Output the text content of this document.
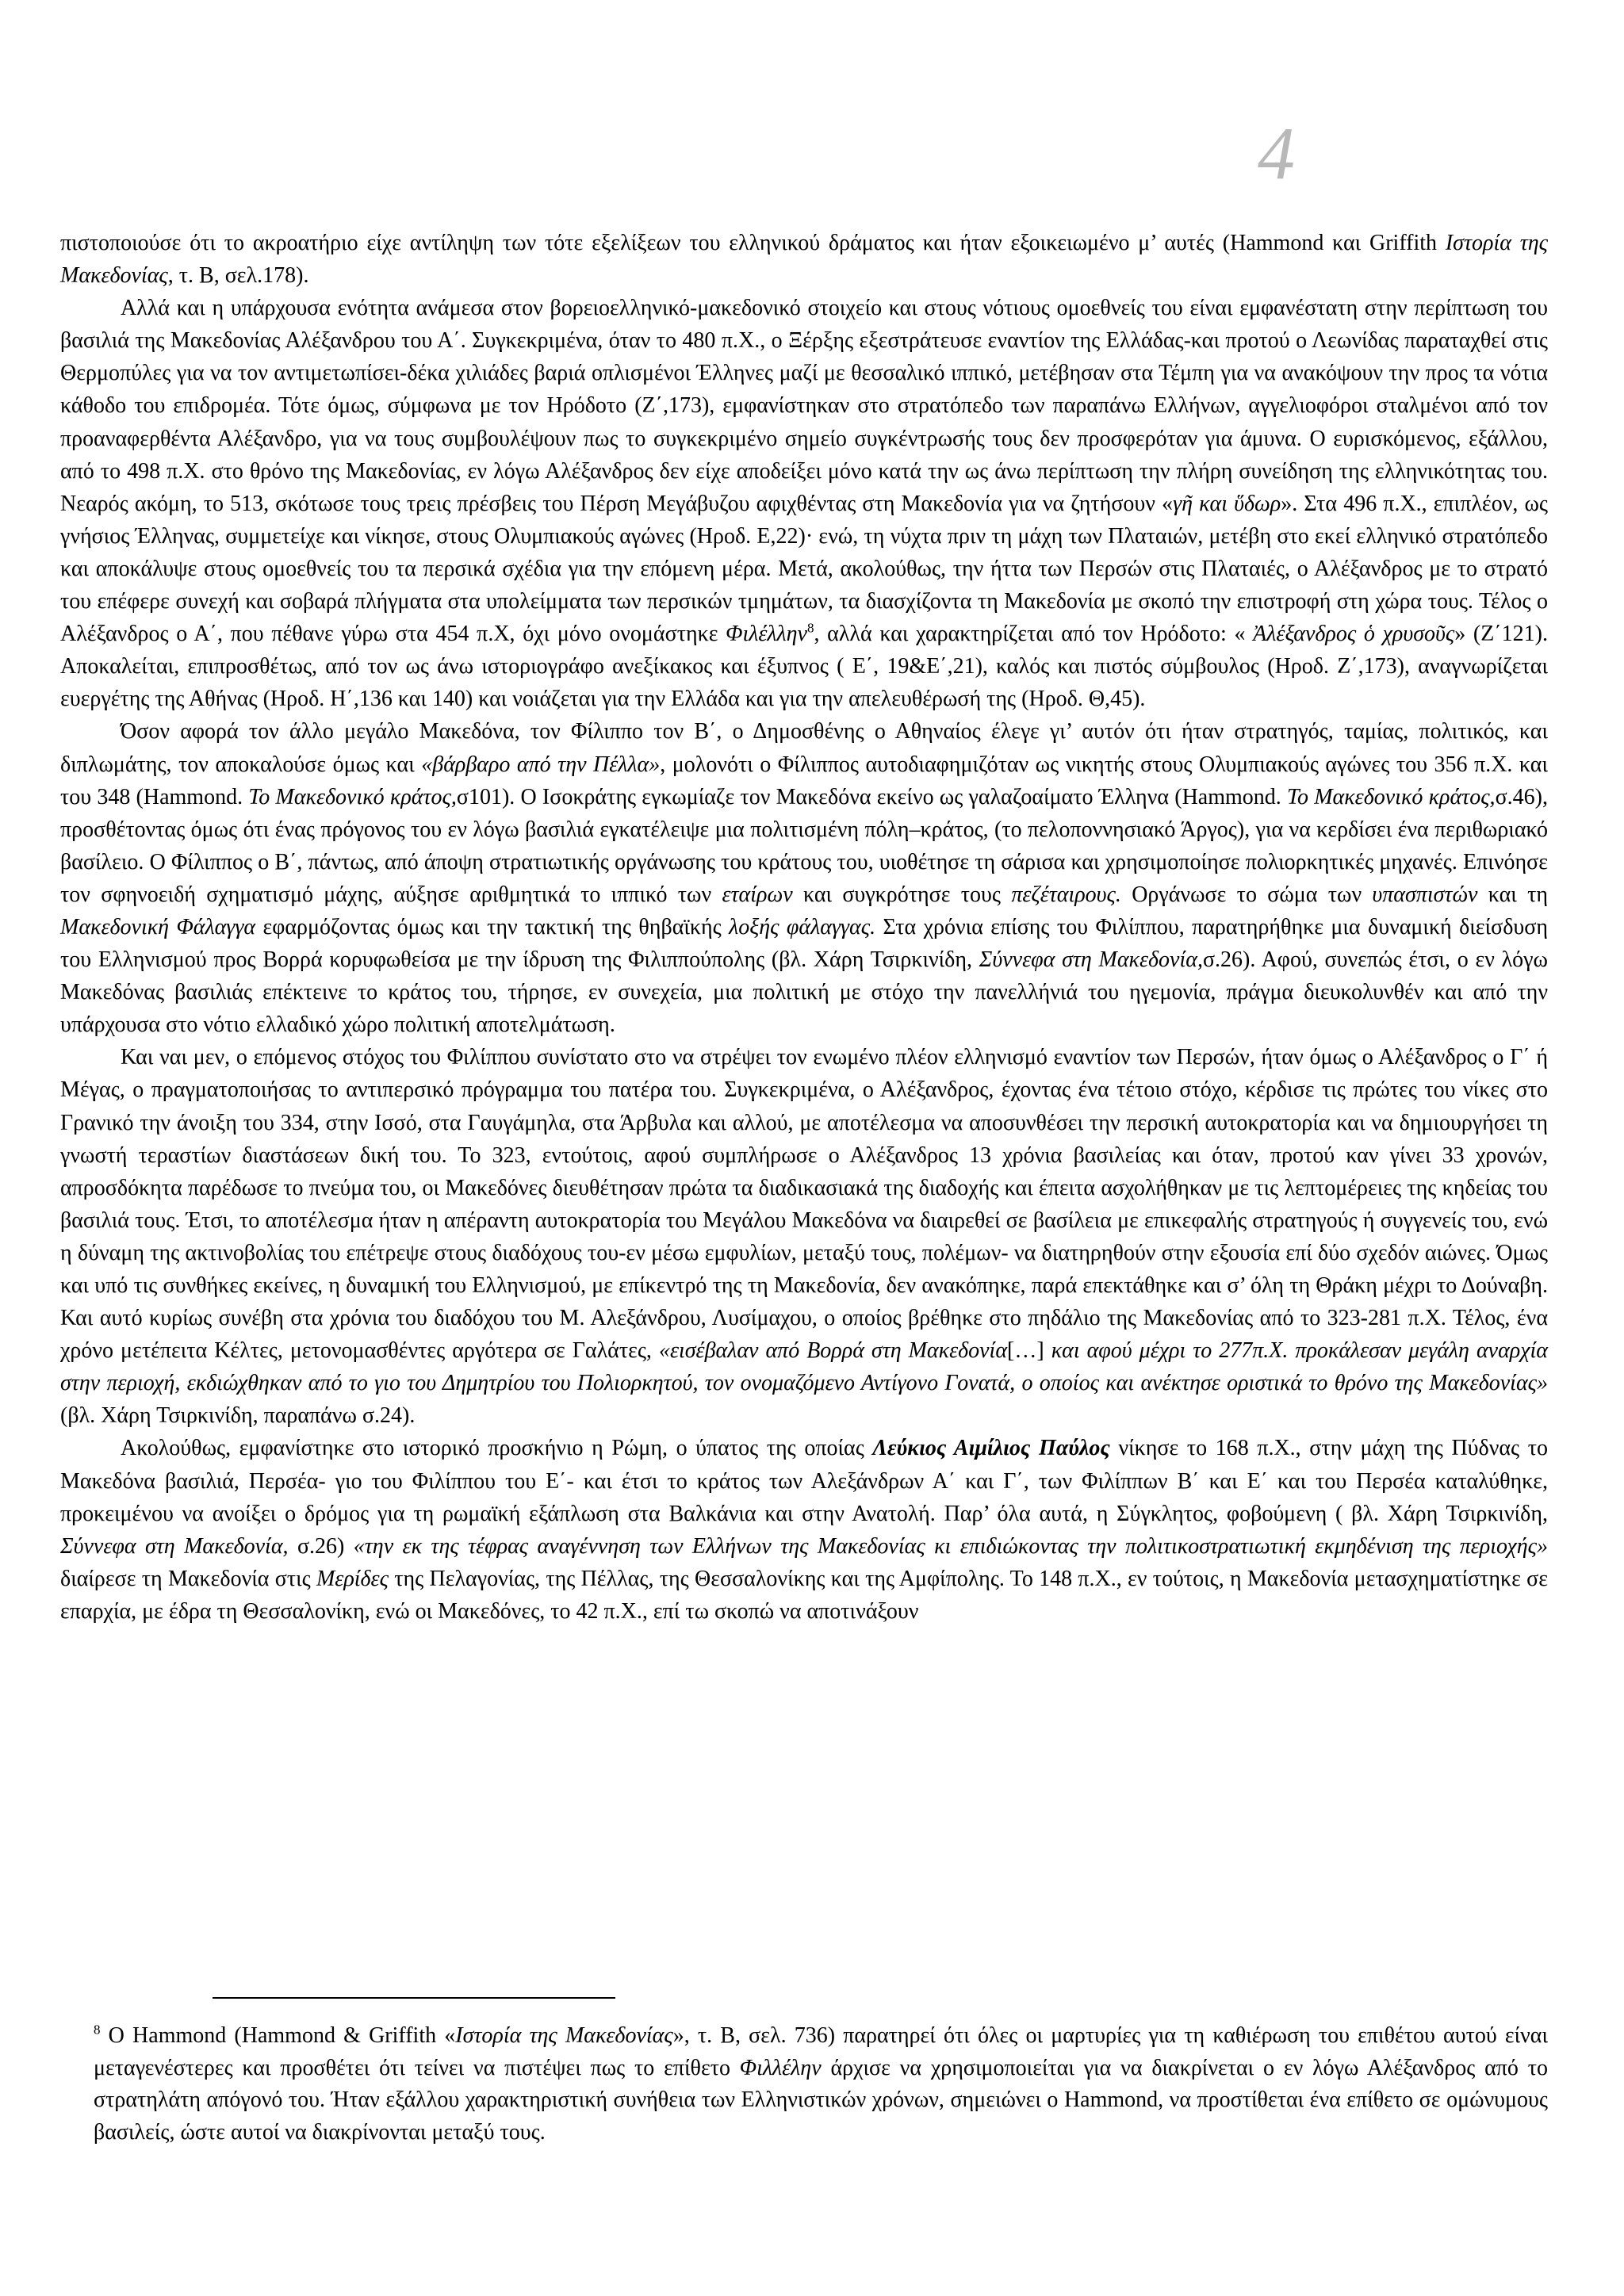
4

πιστοποιούσε ότι το ακροατήριο είχε αντίληψη των τότε εξελίξεων του ελληνικού δράματος και ήταν εξοικειωμένο μ’ αυτές (Hammond και Griffith Ιστορία της Μακεδονίας, τ. Β, σελ.178).

Αλλά και η υπάρχουσα ενότητα ανάμεσα στον βορειοελληνικό-μακεδονικό στοιχείο και στους νότιους ομοεθνείς του είναι εμφανέστατη στην περίπτωση του βασιλιά της Μακεδονίας Αλέξανδρου του Α΄. Συγκεκριμένα, όταν το 480 π.Χ., ο Ξέρξης εξεστράτευσε εναντίον της Ελλάδας-και προτού ο Λεωνίδας παραταχθεί στις Θερμοπύλες για να τον αντιμετωπίσει-δέκα χιλιάδες βαριά οπλισμένοι Έλληνες μαζί με θεσσαλικό ιππικό, μετέβησαν στα Τέμπη για να ανακόψουν την προς τα νότια κάθοδο του επιδρομέα. Τότε όμως, σύμφωνα με τον Ηρόδοτο (Ζ΄,173), εμφανίστηκαν στο στρατόπεδο των παραπάνω Ελλήνων, αγγελιοφόροι σταλμένοι από τον προαναφερθέντα Αλέξανδρο, για να τους συμβουλέψουν πως το συγκεκριμένο σημείο συγκέντρωσής τους δεν προσφερόταν για άμυνα. Ο ευρισκόμενος, εξάλλου, από το 498 π.Χ. στο θρόνο της Μακεδονίας, εν λόγω Αλέξανδρος δεν είχε αποδείξει μόνο κατά την ως άνω περίπτωση την πλήρη συνείδηση της ελληνικότητας του. Νεαρός ακόμη, το 513, σκότωσε τους τρεις πρέσβεις του Πέρση Μεγάβυζου αφιχθέντας στη Μακεδονία για να ζητήσουν «γῆ και ὕδωρ». Στα 496 π.Χ., επιπλέον, ως γνήσιος Έλληνας, συμμετείχε και νίκησε, στους Ολυμπιακούς αγώνες (Ηροδ. Ε,22)· ενώ, τη νύχτα πριν τη μάχη των Πλαταιών, μετέβη στο εκεί ελληνικό στρατόπεδο και αποκάλυψε στους ομοεθνείς του τα περσικά σχέδια για την επόμενη μέρα. Μετά, ακολούθως, την ήττα των Περσών στις Πλαταιές, ο Αλέξανδρος με το στρατό του επέφερε συνεχή και σοβαρά πλήγματα στα υπολείμματα των περσικών τμημάτων, τα διασχίζοντα τη Μακεδονία με σκοπό την επιστροφή στη χώρα τους. Τέλος ο Αλέξανδρος ο Α΄, που πέθανε γύρω στα 454 π.Χ, όχι μόνο ονομάστηκε Φιλέλλην$^8$, αλλά και χαρακτηρίζεται από τον Ηρόδοτο: « Ἀλέξανδρος ὁ χρυσοῦς» (Ζ΄121). Αποκαλείται, επιπροσθέτως, από τον ως άνω ιστοριογράφο ανεξίκακος και έξυπνος ( Ε΄, 19&Ε΄,21), καλός και πιστός σύμβουλος (Ηροδ. Ζ΄,173), αναγνωρίζεται ευεργέτης της Αθήνας (Ηροδ. Η΄,136 και 140) και νοιάζεται για την Ελλάδα και για την απελευθέρωσή της (Ηροδ. Θ,45).

Όσον αφορά τον άλλο μεγάλο Μακεδόνα, τον Φίλιππο τον Β΄, ο Δημοσθένης ο Αθηναίος έλεγε γι’ αυτόν ότι ήταν στρατηγός, ταμίας, πολιτικός, και διπλωμάτης, τον αποκαλούσε όμως και «βάρβαρο από την Πέλλα», μολονότι ο Φίλιππος αυτοδιαφημιζόταν ως νικητής στους Ολυμπιακούς αγώνες του 356 π.Χ. και του 348 (Hammond. Το Μακεδονικό κράτος,σ101). Ο Ισοκράτης εγκωμίαζε τον Μακεδόνα εκείνο ως γαλαζοαίματο Έλληνα (Hammond. Το Μακεδονικό κράτος,σ.46), προσθέτοντας όμως ότι ένας πρόγονος του εν λόγω βασιλιά εγκατέλειψε μια πολιτισμένη πόλη–κράτος, (το πελοποννησιακό Άργος), για να κερδίσει ένα περιθωριακό βασίλειο. Ο Φίλιππος ο Β΄, πάντως, από άποψη στρατιωτικής οργάνωσης του κράτους του, υιοθέτησε τη σάρισα και χρησιμοποίησε πολιορκητικές μηχανές. Επινόησε τον σφηνοειδή σχηματισμό μάχης, αύξησε αριθμητικά το ιππικό των εταίρων και συγκρότησε τους πεζέταιρους. Οργάνωσε το σώμα των υπασπιστών και τη Μακεδονική Φάλαγγα εφαρμόζοντας όμως και την τακτική της θηβαϊκής λοξής φάλαγγας. Στα χρόνια επίσης του Φιλίππου, παρατηρήθηκε μια δυναμική διείσδυση του Ελληνισμού προς Βορρά κορυφωθείσα με την ίδρυση της Φιλιππούπολης (βλ. Χάρη Τσιρκινίδη, Σύννεφα στη Μακεδονία,σ.26). Αφού, συνεπώς έτσι, ο εν λόγω Μακεδόνας βασιλιάς επέκτεινε το κράτος του, τήρησε, εν συνεχεία, μια πολιτική με στόχο την πανελλήνιά του ηγεμονία, πράγμα διευκολυνθέν και από την υπάρχουσα στο νότιο ελλαδικό χώρο πολιτική αποτελμάτωση.

Και ναι μεν, ο επόμενος στόχος του Φιλίππου συνίστατο στο να στρέψει τον ενωμένο πλέον ελληνισμό εναντίον των Περσών, ήταν όμως ο Αλέξανδρος ο Γ΄ ή Μέγας, ο πραγματοποιήσας το αντιπερσικό πρόγραμμα του πατέρα του. Συγκεκριμένα, ο Αλέξανδρος, έχοντας ένα τέτοιο στόχο, κέρδισε τις πρώτες του νίκες στο Γρανικό την άνοιξη του 334, στην Ισσό, στα Γαυγάμηλα, στα Άρβυλα και αλλού, με αποτέλεσμα να αποσυνθέσει την περσική αυτοκρατορία και να δημιουργήσει τη γνωστή τεραστίων διαστάσεων δική του. Το 323, εντούτοις, αφού συμπλήρωσε ο Αλέξανδρος 13 χρόνια βασιλείας και όταν, προτού καν γίνει 33 χρονών, απροσδόκητα παρέδωσε το πνεύμα του, οι Μακεδόνες διευθέτησαν πρώτα τα διαδικασιακά της διαδοχής και έπειτα ασχολήθηκαν με τις λεπτομέρειες της κηδείας του βασιλιά τους. Έτσι, το αποτέλεσμα ήταν η απέραντη αυτοκρατορία του Μεγάλου Μακεδόνα να διαιρεθεί σε βασίλεια με επικεφαλής στρατηγούς ή συγγενείς του, ενώ η δύναμη της ακτινοβολίας του επέτρεψε στους διαδόχους του-εν μέσω εμφυλίων, μεταξύ τους, πολέμων- να διατηρηθούν στην εξουσία επί δύο σχεδόν αιώνες. Όμως και υπό τις συνθήκες εκείνες, η δυναμική του Ελληνισμού, με επίκεντρό της τη Μακεδονία, δεν ανακόπηκε, παρά επεκτάθηκε και σ’ όλη τη Θράκη μέχρι το Δούναβη. Και αυτό κυρίως συνέβη στα χρόνια του διαδόχου του Μ. Αλεξάνδρου, Λυσίμαχου, ο οποίος βρέθηκε στο πηδάλιο της Μακεδονίας από το 323-281 π.Χ. Τέλος, ένα χρόνο μετέπειτα Κέλτες, μετονομασθέντες αργότερα σε Γαλάτες, «εισέβαλαν από Βορρά στη Μακεδονία[…] και αφού μέχρι το 277π.Χ. προκάλεσαν μεγάλη αναρχία στην περιοχή, εκδιώχθηκαν από το γιο του Δημητρίου του Πολιορκητού, τον ονομαζόμενο Αντίγονο Γονατά, ο οποίος και ανέκτησε οριστικά το θρόνο της Μακεδονίας» (βλ. Χάρη Τσιρκινίδη, παραπάνω σ.24).

Ακολούθως, εμφανίστηκε στο ιστορικό προσκήνιο η Ρώμη, ο ύπατος της οποίας Λεύκιος Αιμίλιος Παύλος νίκησε το 168 π.Χ., στην μάχη της Πύδνας το Μακεδόνα βασιλιά, Περσέα- γιο του Φιλίππου του Ε΄- και έτσι το κράτος των Αλεξάνδρων Α΄ και Γ΄, των Φιλίππων Β΄ και Ε΄ και του Περσέα καταλύθηκε, προκειμένου να ανοίξει ο δρόμος για τη ρωμαϊκή εξάπλωση στα Βαλκάνια και στην Ανατολή. Παρ’ όλα αυτά, η Σύγκλητος, φοβούμενη ( βλ. Χάρη Τσιρκινίδη, Σύννεφα στη Μακεδονία, σ.26) «την εκ της τέφρας αναγέννηση των Ελλήνων της Μακεδονίας κι επιδιώκοντας την πολιτικοστρατιωτική εκμηδένιση της περιοχής» διαίρεσε τη Μακεδονία στις Μερίδες της Πελαγονίας, της Πέλλας, της Θεσσαλονίκης και της Αμφίπολης. Το 148 π.Χ., εν τούτοις, η Μακεδονία μετασχηματίστηκε σε επαρχία, με έδρα τη Θεσσαλονίκη, ενώ οι Μακεδόνες, το 42 π.Χ., επί τω σκοπώ να αποτινάξουν

$^8$ Ο Hammond (Hammond & Griffith «Ιστορία της Μακεδονίας», τ. Β, σελ. 736) παρατηρεί ότι όλες οι μαρτυρίες για τη καθιέρωση του επιθέτου αυτού είναι μεταγενέστερες και προσθέτει ότι τείνει να πιστέψει πως το επίθετο Φιλλέλην άρχισε να χρησιμοποιείται για να διακρίνεται ο εν λόγω Αλέξανδρος από το στρατηλάτη απόγονό του. Ήταν εξάλλου χαρακτηριστική συνήθεια των Ελληνιστικών χρόνων, σημειώνει ο Hammond, να προστίθεται ένα επίθετο σε ομώνυμους βασιλείς, ώστε αυτοί να διακρίνονται μεταξύ τους.
